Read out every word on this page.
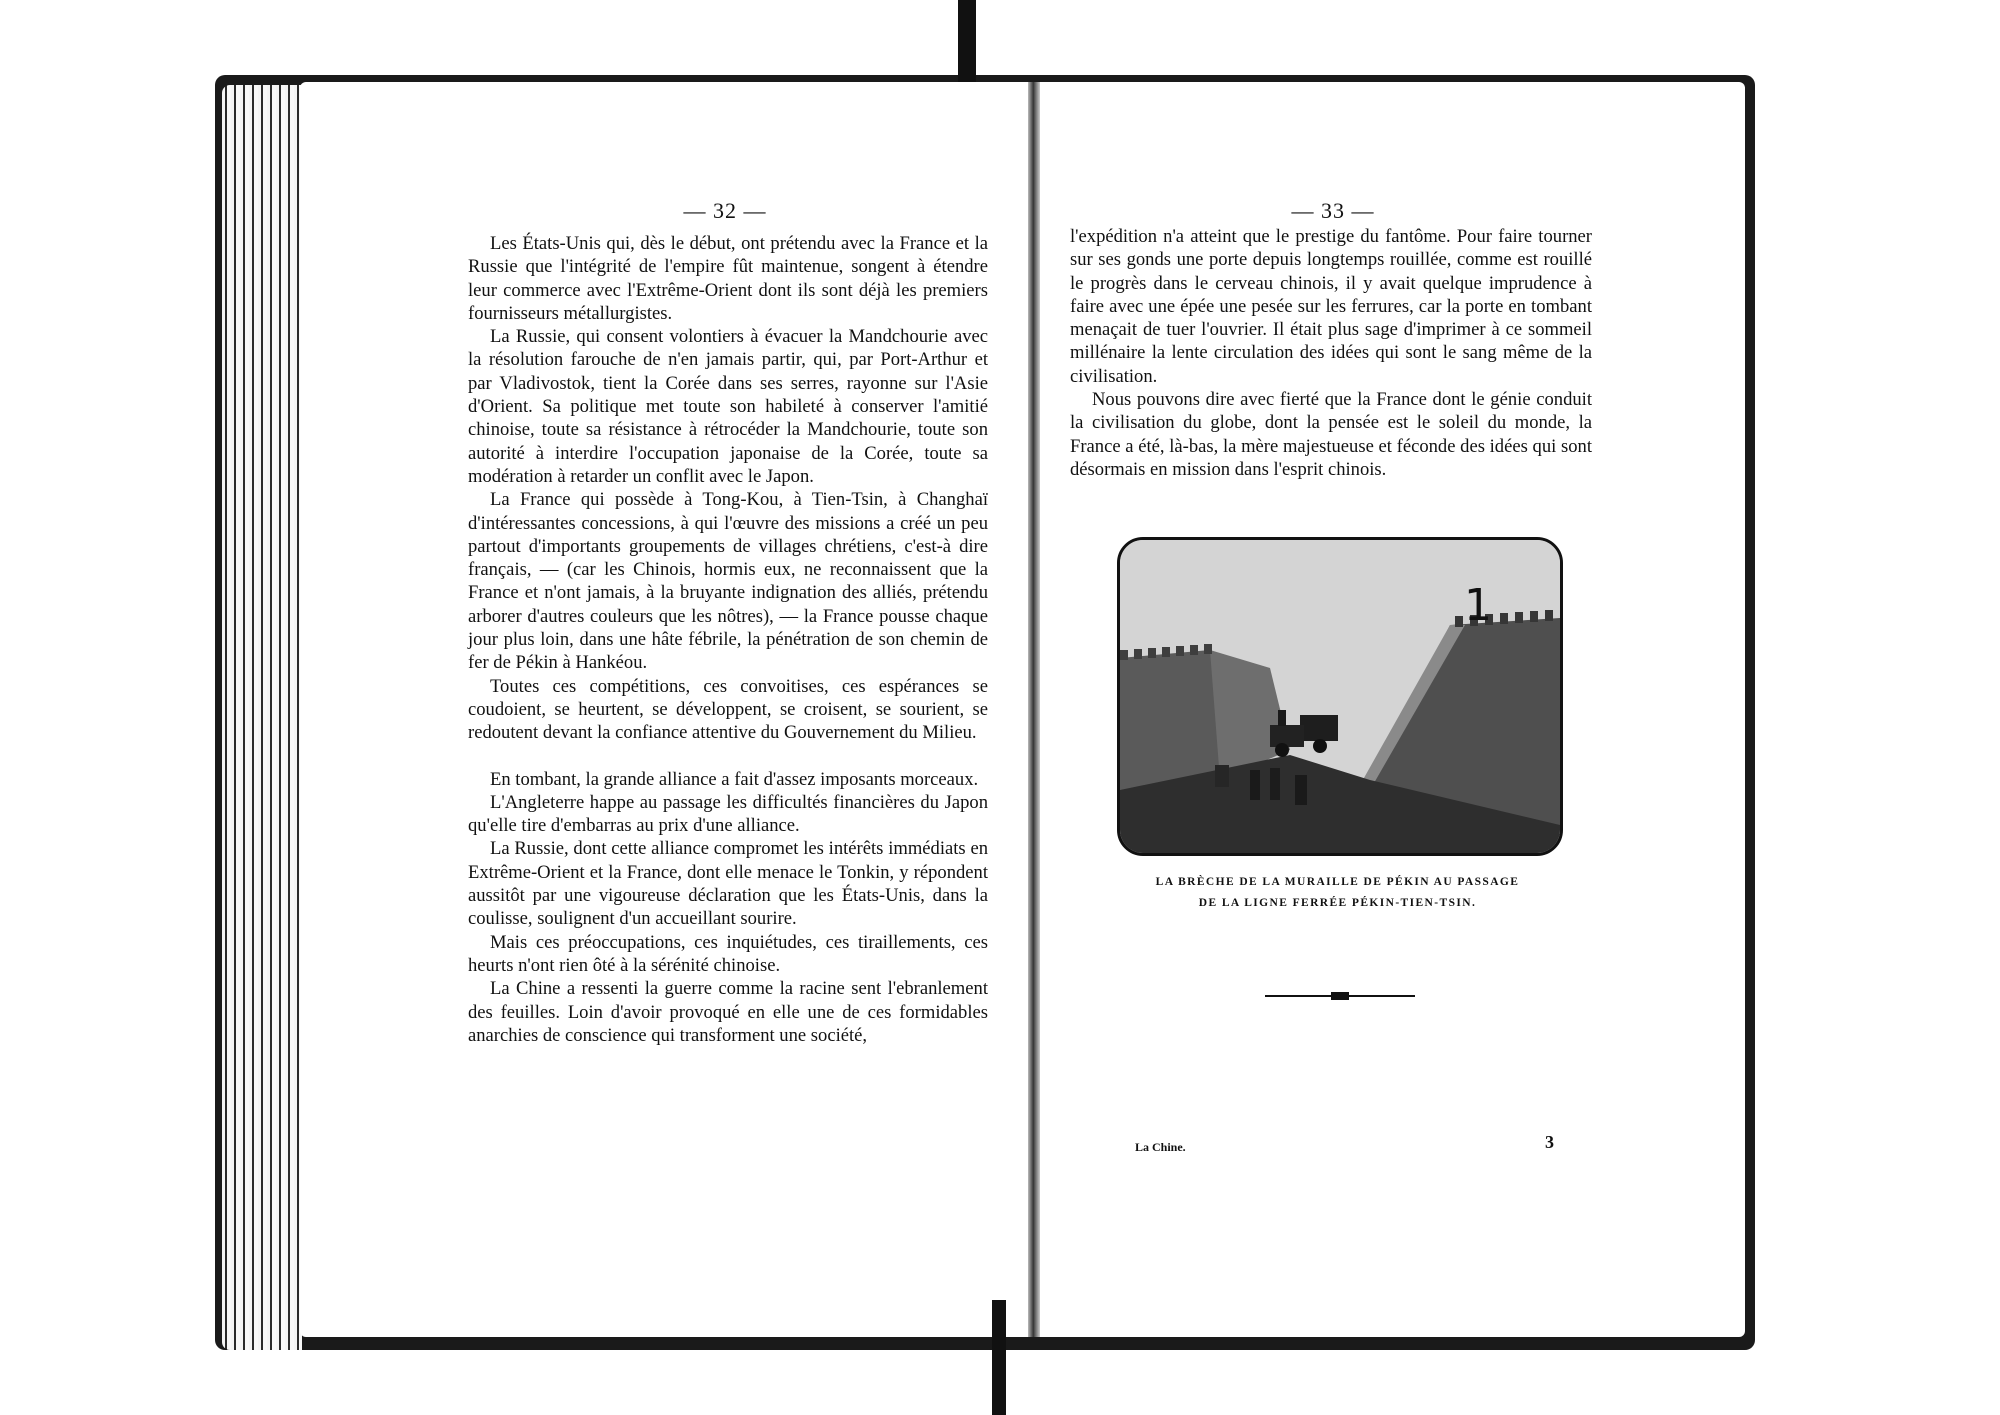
— 32 —

Les États-Unis qui, dès le début, ont prétendu avec la France et la Russie que l'intégrité de l'empire fût maintenue, songent à étendre leur commerce avec l'Extrême-Orient dont ils sont déjà les premiers fournisseurs métallurgistes.

La Russie, qui consent volontiers à évacuer la Mandchourie avec la résolution farouche de n'en jamais partir, qui, par Port-Arthur et par Vladivostok, tient la Corée dans ses serres, rayonne sur l'Asie d'Orient. Sa politique met toute son habileté à conserver l'amitié chinoise, toute sa résistance à rétrocéder la Mandchourie, toute son autorité à interdire l'occupation japonaise de la Corée, toute sa modération à retarder un conflit avec le Japon.

La France qui possède à Tong-Kou, à Tien-Tsin, à Changhaï d'intéressantes concessions, à qui l'œuvre des missions a créé un peu partout d'importants groupements de villages chrétiens, c'est-à dire français, — (car les Chinois, hormis eux, ne reconnaissent que la France et n'ont jamais, à la bruyante indignation des alliés, prétendu arborer d'autres couleurs que les nôtres), — la France pousse chaque jour plus loin, dans une hâte fébrile, la pénétration de son chemin de fer de Pékin à Hankéou.

Toutes ces compétitions, ces convoitises, ces espérances se coudoient, se heurtent, se développent, se croisent, se sourient, se redoutent devant la confiance attentive du Gouvernement du Milieu.

En tombant, la grande alliance a fait d'assez imposants morceaux.

L'Angleterre happe au passage les difficultés financières du Japon qu'elle tire d'embarras au prix d'une alliance.

La Russie, dont cette alliance compromet les intérêts immédiats en Extrême-Orient et la France, dont elle menace le Tonkin, y répondent aussitôt par une vigoureuse déclaration que les États-Unis, dans la coulisse, soulignent d'un accueillant sourire.

Mais ces préoccupations, ces inquiétudes, ces tiraillements, ces heurts n'ont rien ôté à la sérénité chinoise.

La Chine a ressenti la guerre comme la racine sent l'ebranlement des feuilles. Loin d'avoir provoqué en elle une de ces formidables anarchies de conscience qui transforment une société,

— 33 —

l'expédition n'a atteint que le prestige du fantôme. Pour faire tourner sur ses gonds une porte depuis longtemps rouillée, comme est rouillé le progrès dans le cerveau chinois, il y avait quelque imprudence à faire avec une épée une pesée sur les ferrures, car la porte en tombant menaçait de tuer l'ouvrier. Il était plus sage d'imprimer à ce sommeil millénaire la lente circulation des idées qui sont le sang même de la civilisation.

Nous pouvons dire avec fierté que la France dont le génie conduit la civilisation du globe, dont la pensée est le soleil du monde, la France a été, là-bas, la mère majestueuse et féconde des idées qui sont désormais en mission dans l'esprit chinois.

1
LA BRÈCHE DE LA MURAILLE DE PÉKIN AU PASSAGE
DE LA LIGNE FERRÉE PÉKIN-TIEN-TSIN.
La Chine.	3
